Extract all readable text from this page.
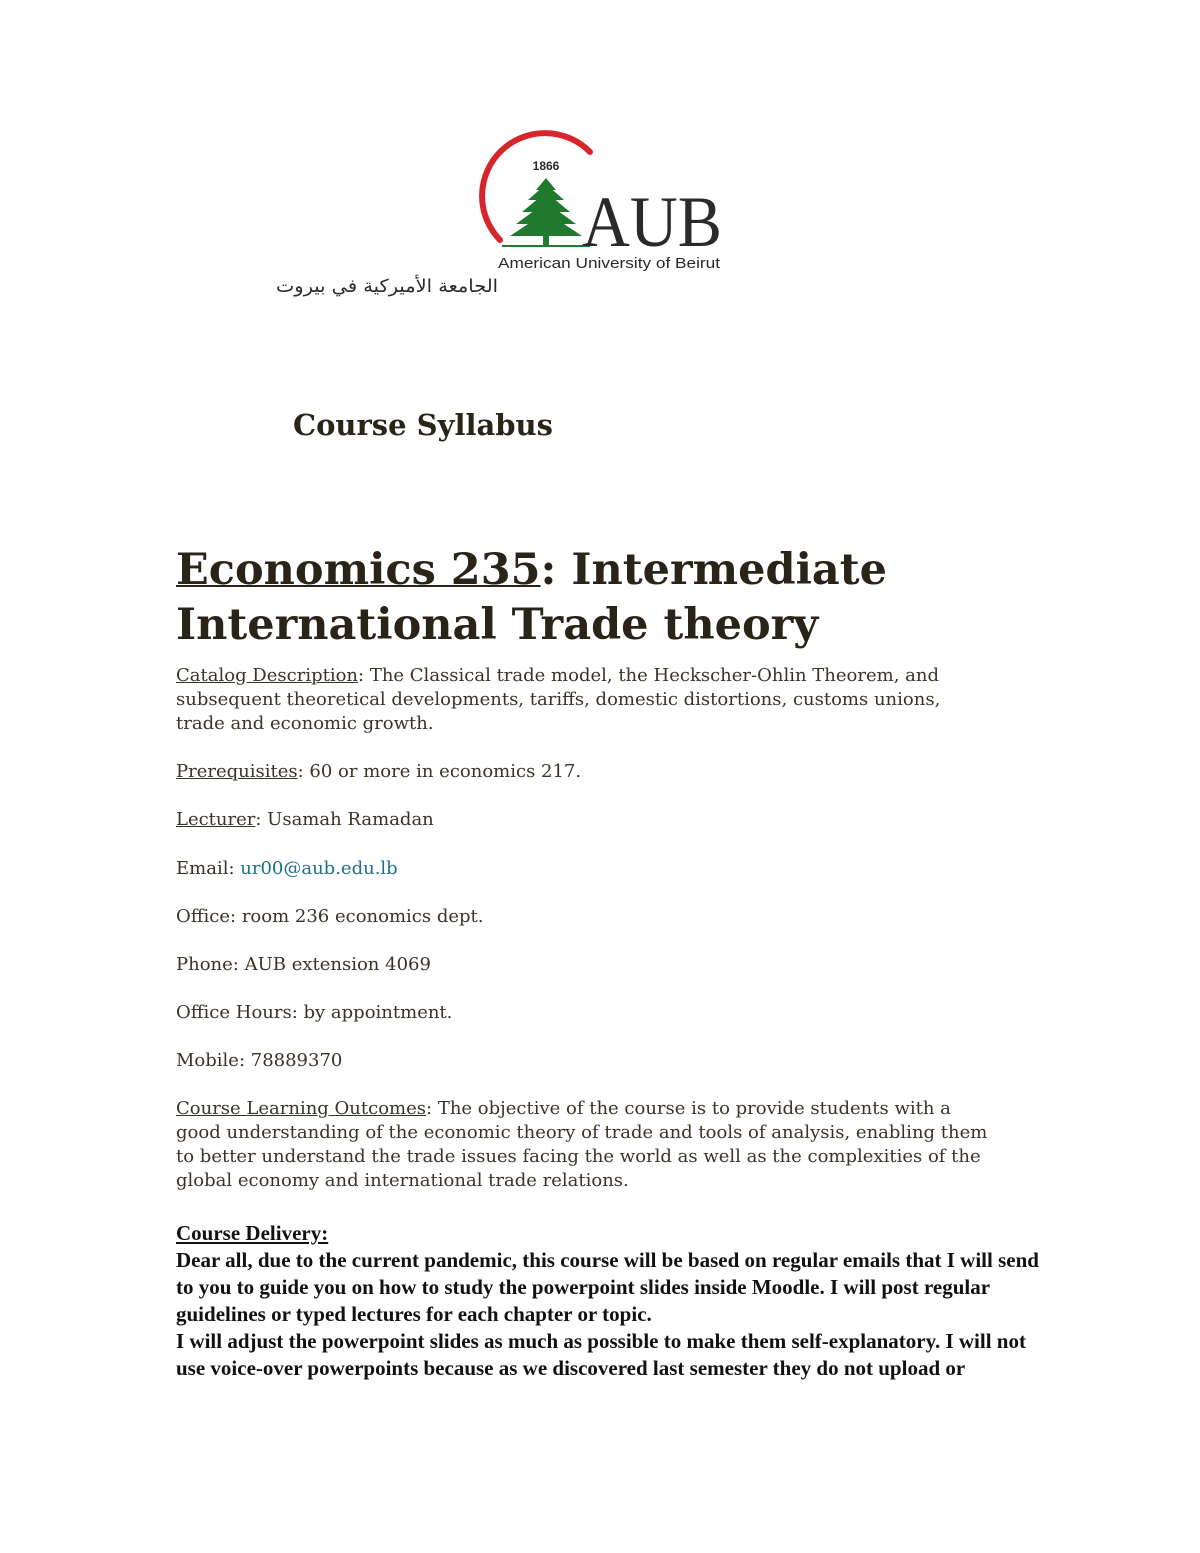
1866
AUB
American University of Beirut
الجامعة الأميركية في بيروت
Course Syllabus
Economics 235: Intermediate
International Trade theory

Catalog Description: The Classical trade model, the Heckscher-Ohlin Theorem, and
subsequent theoretical developments, tariffs, domestic distortions, customs unions,
trade and economic growth.

Prerequisites: 60 or more in economics 217.

Lecturer: Usamah Ramadan

Email: ur00@aub.edu.lb

Office: room 236 economics dept.

Phone: AUB extension 4069

Office Hours: by appointment.

Mobile: 78889370

Course Learning Outcomes: The objective of the course is to provide students with a
good understanding of the economic theory of trade and tools of analysis, enabling them
to better understand the trade issues facing the world as well as the complexities of the
global economy and international trade relations.

Course Delivery:
Dear all, due to the current pandemic, this course will be based on regular emails that I will send
to you to guide you on how to study the powerpoint slides inside Moodle. I will post regular
guidelines or typed lectures for each chapter or topic.
I will adjust the powerpoint slides as much as possible to make them self-explanatory. I will not
use voice-over powerpoints because as we discovered last semester they do not upload or
